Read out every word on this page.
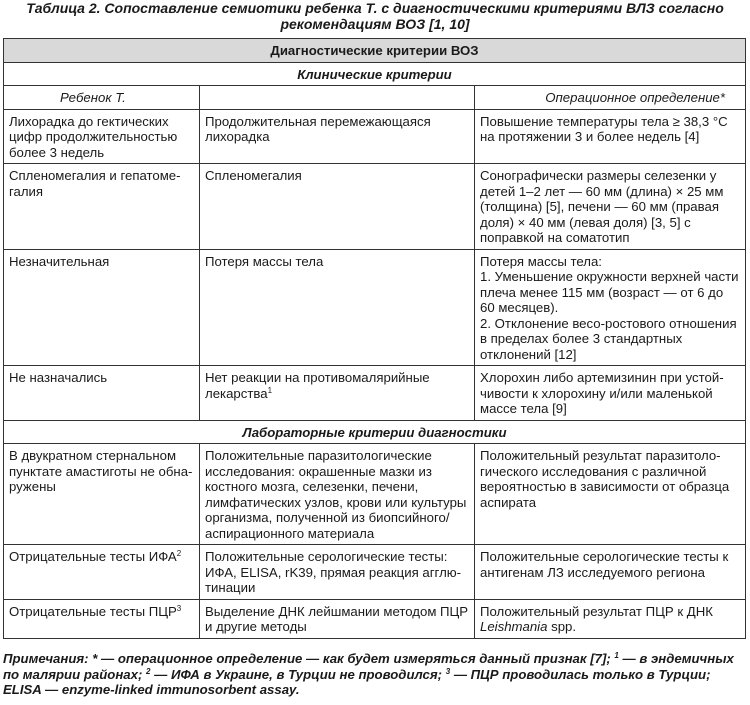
Таблица 2. Сопоставление семиотики ребенка Т. с диагностическими критериями ВЛЗ согласно рекомендациям ВОЗ [1, 10]
Диагностические критерии ВОЗ		
Клинические критерии		
Ребенок Т.		Операционное определение*
Лихорадка до гектических цифр продолжительностью более 3 недель	Продолжительная перемежающаяся лихорадка	Повышение температуры тела ≥ 38,3 °С на протяжении 3 и более недель [4]
Спленомегалия и гепатомегалия	Спленомегалия	Сонографически размеры селезенки у детей 1–2 лет — 60 мм (длина) × 25 мм (толщина) [5], печени — 60 мм (правая доля) × 40 мм (левая доля) [3, 5] с поправкой на соматотип
Незначительная	Потеря массы тела	Потеря массы тела:
1. Уменьшение окружности верхней части плеча менее 115 мм (возраст — от 6 до 60 месяцев).
2. Отклонение весо-ростового отношения в пределах более 3 стандартных отклонений [12]

Не назначались	Нет реакции на противомалярийные лекарства$^1$	Хлорохин либо артемизинин при устойчивости к хлорохину и/или маленькой массе тела [9]
Лабораторные критерии диагностики		
В двукратном стернальном пунктате амастиготы не обнаружены	Положительные паразитологические исследования: окрашенные мазки из костного мозга, селезенки, печени, лимфатических узлов, крови или культуры организма, полученной из биопсийного/аспирационного материала	Положительный результат паразитологического исследования с различной вероятностью в зависимости от образца аспирата
Отрицательные тесты ИФА$^2$	Положительные серологические тесты: ИФА, ELISA, rK39, прямая реакция агглютинации	Положительные серологические тесты к антигенам ЛЗ исследуемого региона
Отрицательные тесты ПЦР$^3$	Выделение ДНК лейшмании методом ПЦР и другие методы	Положительный результат ПЦР к ДНК Leishmania spp.
Примечания: * — операционное определение — как будет измеряться данный признак [7]; $^1$ — в эндемичных по малярии районах; $^2$ — ИФА в Украине, в Турции не проводился; $^3$ — ПЦР проводилась только в Турции; ELISA — enzyme-linked immunosorbent assay.
